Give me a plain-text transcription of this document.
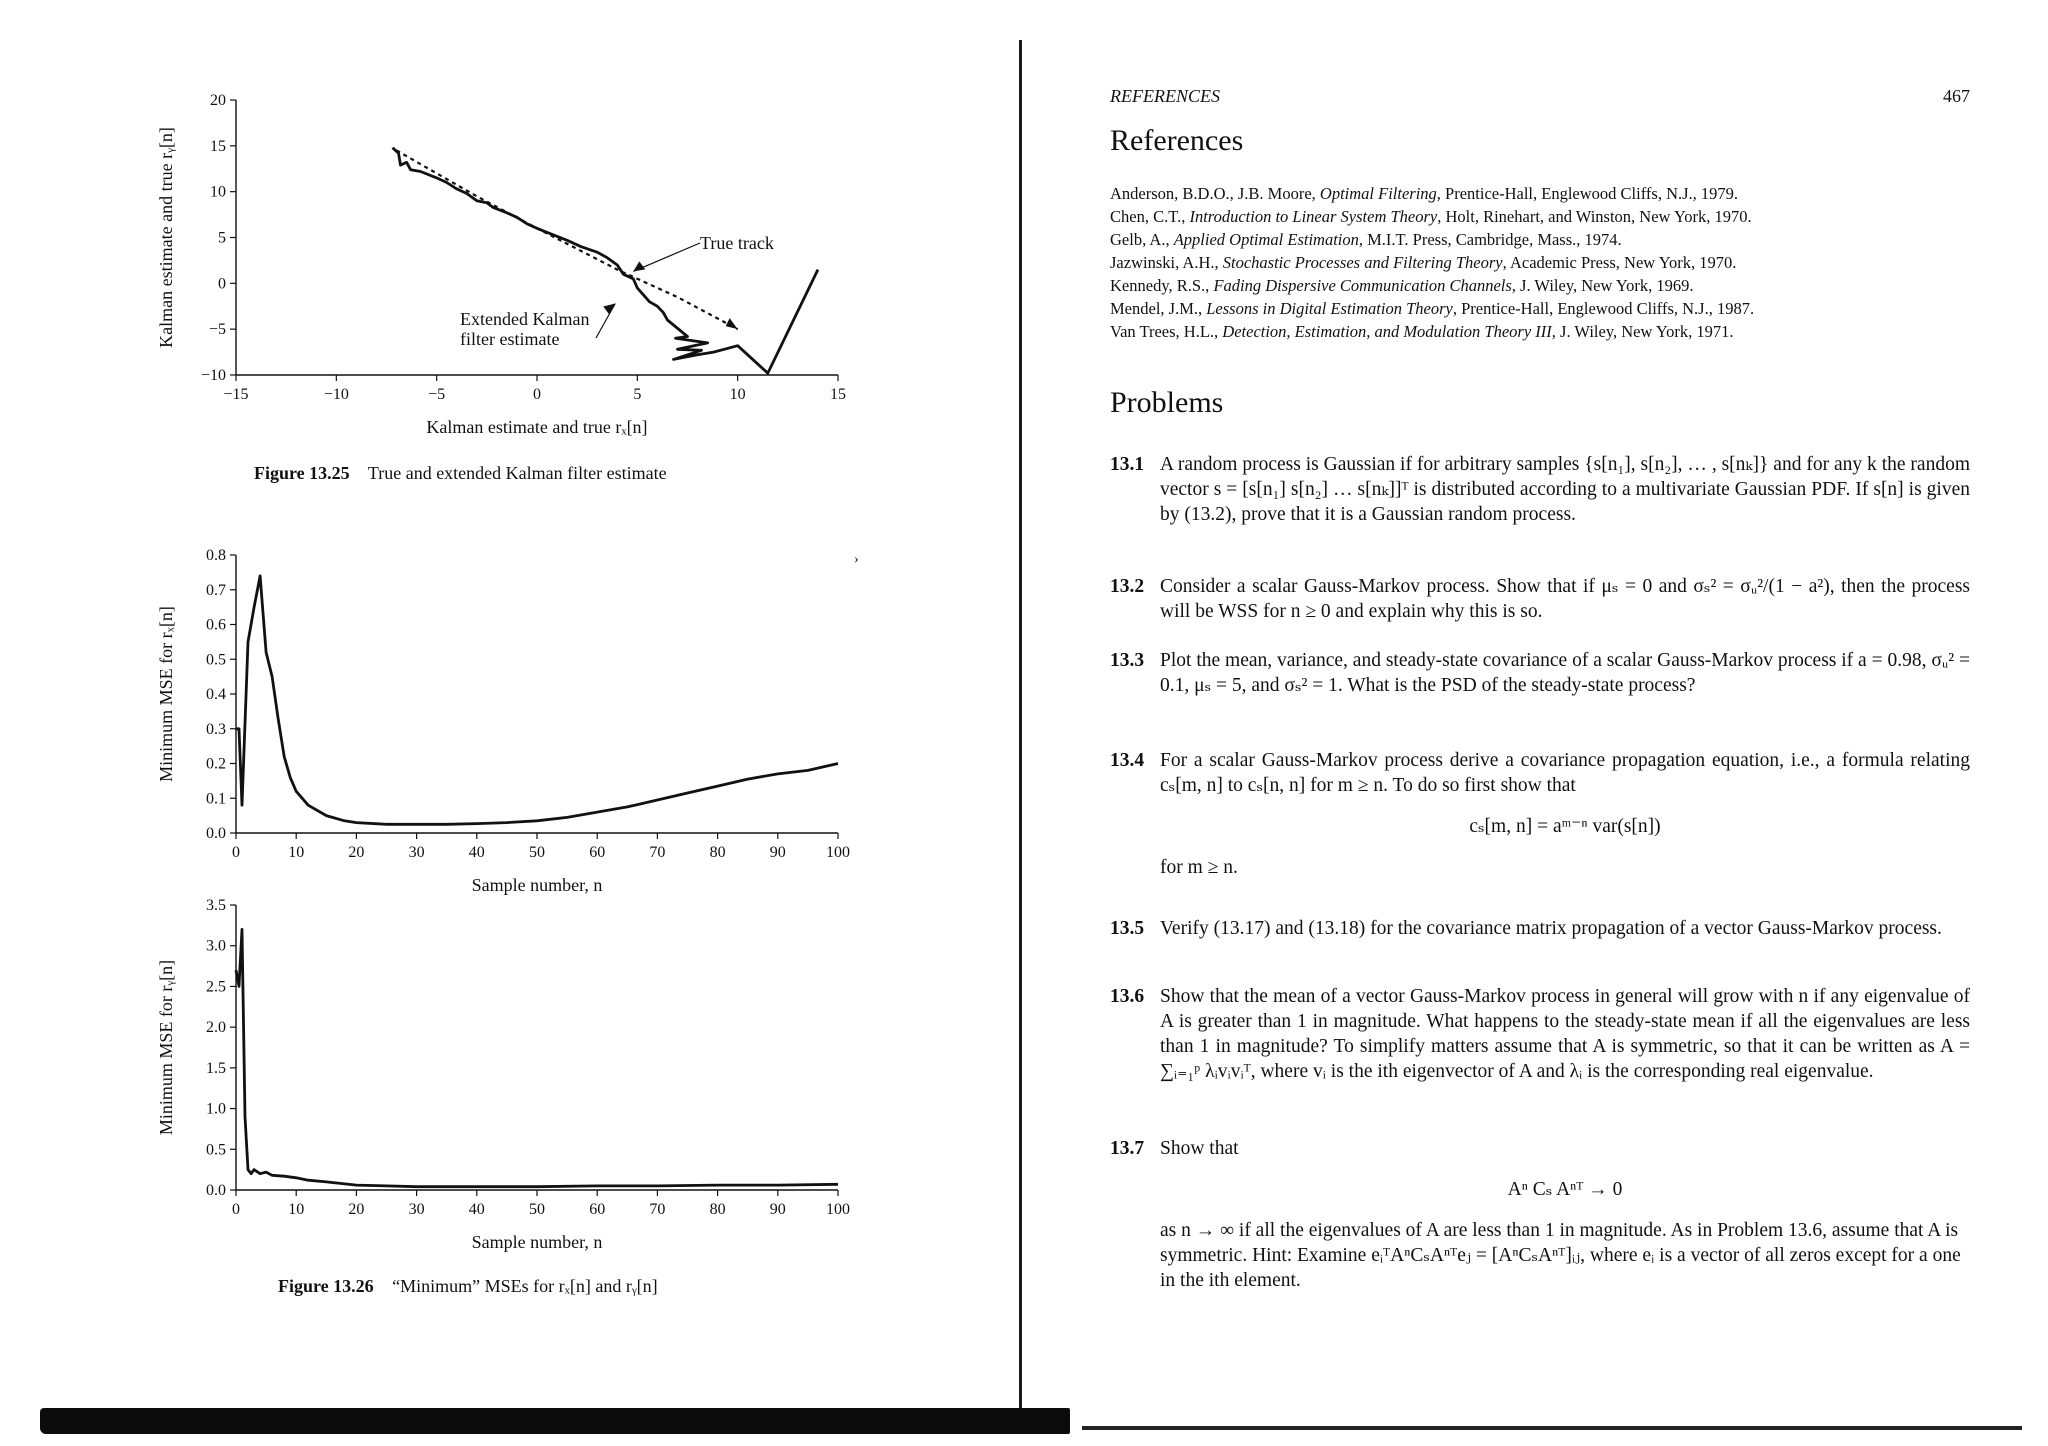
−10
−5
0
5
10
15
20
−15	−10	−5	0	5	10	15
Kalman estimate and true rₓ[n]
Kalman estimate and true rᵧ[n]	True track
Extended Kalman
filter estimate
Figure 13.25 True and extended Kalman filter estimate
›
0.0
0.1
0.2
0.3
0.4
0.5
0.6
0.7
0.8
0	10	20	30	40	50	60	70	80	90	100
Sample number, n
Minimum MSE for rₓ[n]
0.0
0.5
1.0
1.5
2.0
2.5
3.0
3.5
0	10	20	30	40	50	60	70	80	90	100
Sample number, n
Minimum MSE for rᵧ[n]
Figure 13.26 “Minimum” MSEs for rₓ[n] and rᵧ[n]
REFERENCES	467
References
Anderson, B.D.O., J.B. Moore, Optimal Filtering, Prentice-Hall, Englewood Cliffs, N.J., 1979.
Chen, C.T., Introduction to Linear System Theory, Holt, Rinehart, and Winston, New York, 1970.
Gelb, A., Applied Optimal Estimation, M.I.T. Press, Cambridge, Mass., 1974.
Jazwinski, A.H., Stochastic Processes and Filtering Theory, Academic Press, New York, 1970.
Kennedy, R.S., Fading Dispersive Communication Channels, J. Wiley, New York, 1969.
Mendel, J.M., Lessons in Digital Estimation Theory, Prentice-Hall, Englewood Cliffs, N.J., 1987.
Van Trees, H.L., Detection, Estimation, and Modulation Theory III, J. Wiley, New York, 1971.
Problems
13.1 A random process is Gaussian if for arbitrary samples {s[n₁], s[n₂], … , s[nₖ]} and for any k the random vector s = [s[n₁] s[n₂] … s[nₖ]]ᵀ is distributed according to a multivariate Gaussian PDF. If s[n] is given by (13.2), prove that it is a Gaussian random process.
13.2 Consider a scalar Gauss-Markov process. Show that if μₛ = 0 and σₛ² = σᵤ²/(1 − a²), then the process will be WSS for n ≥ 0 and explain why this is so.
13.3 Plot the mean, variance, and steady-state covariance of a scalar Gauss-Markov process if a = 0.98, σᵤ² = 0.1, μₛ = 5, and σₛ² = 1. What is the PSD of the steady-state process?
13.4 For a scalar Gauss-Markov process derive a covariance propagation equation, i.e., a formula relating cₛ[m, n] to cₛ[n, n] for m ≥ n. To do so first show that
cₛ[m, n] = aᵐ⁻ⁿ var(s[n])
for m ≥ n.
13.5 Verify (13.17) and (13.18) for the covariance matrix propagation of a vector Gauss-Markov process.
13.6 Show that the mean of a vector Gauss-Markov process in general will grow with n if any eigenvalue of A is greater than 1 in magnitude. What happens to the steady-state mean if all the eigenvalues are less than 1 in magnitude? To simplify matters assume that A is symmetric, so that it can be written as A = ∑ᵢ₌₁ᵖ λᵢvᵢvᵢᵀ, where vᵢ is the ith eigenvector of A and λᵢ is the corresponding real eigenvalue.
13.7 Show that
Aⁿ Cₛ Aⁿᵀ → 0
as n → ∞ if all the eigenvalues of A are less than 1 in magnitude. As in Problem 13.6, assume that A is symmetric. Hint: Examine eᵢᵀAⁿCₛAⁿᵀeⱼ = [AⁿCₛAⁿᵀ]ᵢⱼ, where eᵢ is a vector of all zeros except for a one in the ith element.
